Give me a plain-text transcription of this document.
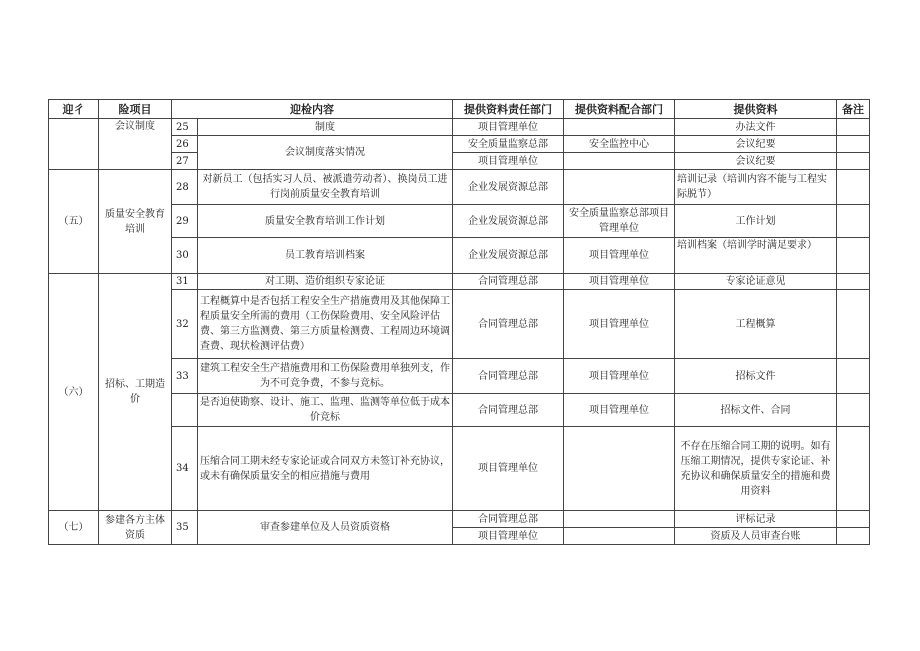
迎彳	险项目	迎检内容		提供资料责任部门	提供资料配合部门	提供资料	备注
	会议制度	25	制度	项目管理单位		办法文件	
		26	会议制度落实情况	安全质量监察总部	安全监控中心	会议纪要	
		27		项目管理单位		会议纪要	
（五）	质量安全教育培训	28	对新员工（包括实习人员、被派遣劳动者）、换岗员工进行岗前质量安全教育培训	企业发展资源总部		培训记录（培训内容不能与工程实际脱节）	
		29	质量安全教育培训工作计划	企业发展资源总部	安全质量监察总部项目管理单位	工作计划	
		30	员工教育培训档案	企业发展资源总部	项目管理单位	培训档案（培训学时满足要求）	
（六）	招标、工期造价	31	对工期、造价组织专家论证	合同管理总部	项目管理单位	专家论证意见	
		32	工程概算中是否包括工程安全生产措施费用及其他保障工程质量安全所需的费用（工伤保险费用、安全风险评估费、第三方监测费、第三方质量检测费、工程周边环境调查费、现状检测评估费）	合同管理总部	项目管理单位	工程概算	
		33	建筑工程安全生产措施费用和工伤保险费用单独列支，作为不可竞争费，不参与竞标。	合同管理总部	项目管理单位	招标文件	
			是否迫使勘察、设计、施工、监理、监测等单位低于成本价竞标	合同管理总部	项目管理单位	招标文件、合同	
		34	压缩合同工期未经专家论证或合同双方未签订补充协议，或未有确保质量安全的相应措施与费用	项目管理单位		不存在压缩合同工期的说明。如有压缩工期情况，提供专家论证、补充协议和确保质量安全的措施和费用资料	
（七）	参建各方主体资质	35	审查参建单位及人员资质资格	合同管理总部		评标记录	
				项目管理单位		资质及人员审查台账	
